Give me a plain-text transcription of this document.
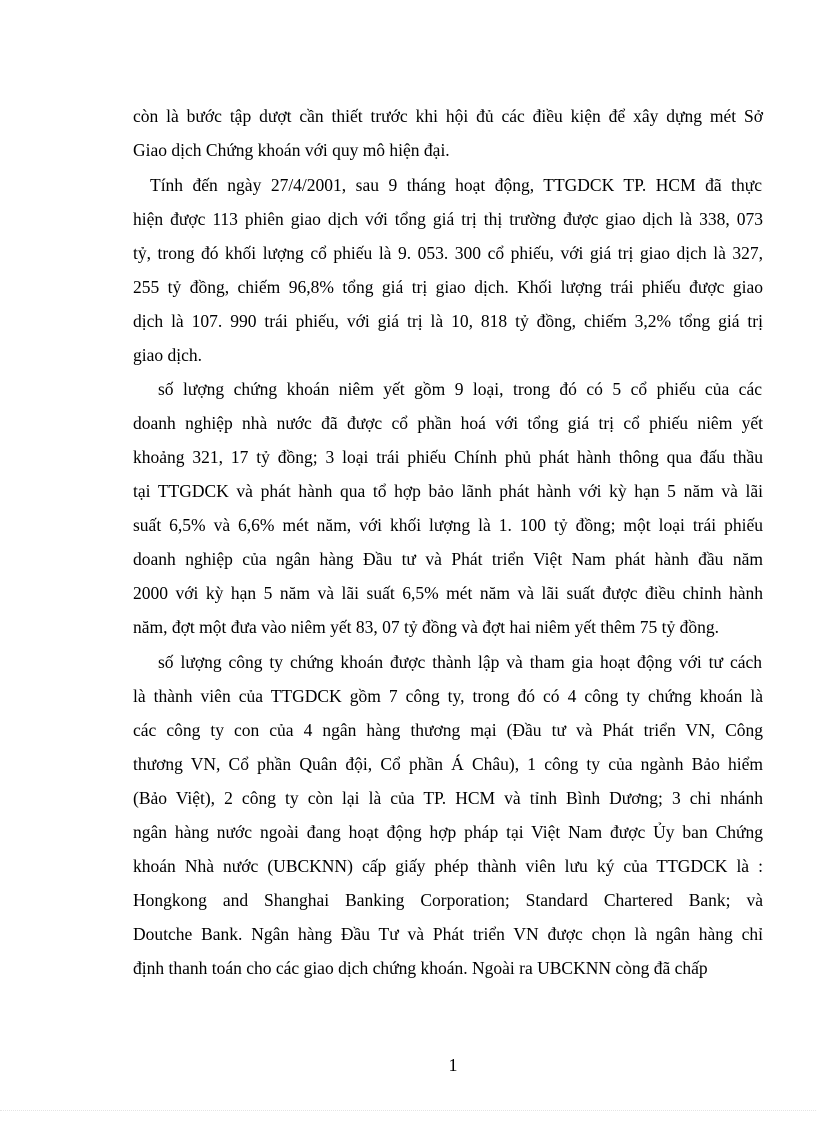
còn là bước tập dượt cần thiết trước khi hội đủ các điều kiện để xây dựng mét Sở
Giao dịch Chứng khoán với quy mô hiện đại.
Tính đến ngày 27/4/2001, sau 9 tháng hoạt động, TTGDCK TP. HCM đã thực
hiện được 113 phiên giao dịch với tổng giá trị thị trường được giao dịch là 338, 073
tỷ, trong đó khối lượng cổ phiếu là 9. 053. 300 cổ phiếu, với giá trị giao dịch là 327,
255 tỷ đồng, chiếm 96,8% tổng giá trị giao dịch. Khối lượng trái phiếu được giao
dịch là 107. 990 trái phiếu, với giá trị là 10, 818 tỷ đồng, chiếm 3,2% tổng giá trị
giao dịch.
số lượng chứng khoán niêm yết gồm 9 loại, trong đó có 5 cổ phiếu của các
doanh nghiệp nhà nước đã được cổ phần hoá với tổng giá trị cổ phiếu niêm yết
khoảng 321, 17 tỷ đồng; 3 loại trái phiếu Chính phủ phát hành thông qua đấu thầu
tại TTGDCK và phát hành qua tổ hợp bảo lãnh phát hành với kỳ hạn 5 năm và lãi
suất 6,5% và 6,6% mét năm, với khối lượng là 1. 100 tỷ đồng; một loại trái phiếu
doanh nghiệp của ngân hàng Đầu tư và Phát triển Việt Nam phát hành đầu năm
2000 với kỳ hạn 5 năm và lãi suất 6,5% mét năm và lãi suất được điều chỉnh hành
năm, đợt một đưa vào niêm yết 83, 07 tỷ đồng và đợt hai niêm yết thêm 75 tỷ đồng.
số lượng công ty chứng khoán được thành lập và tham gia hoạt động với tư cách
là thành viên của TTGDCK gồm 7 công ty, trong đó có 4 công ty chứng khoán là
các công ty con của 4 ngân hàng thương mại (Đầu tư và Phát triển VN, Công
thương VN, Cổ phần Quân đội, Cổ phần Á Châu), 1 công ty của ngành Bảo hiểm
(Bảo Việt), 2 công ty còn lại là của TP. HCM và tỉnh Bình Dương; 3 chi nhánh
ngân hàng nước ngoài đang hoạt động hợp pháp tại Việt Nam được Ủy ban Chứng
khoán Nhà nước (UBCKNN) cấp giấy phép thành viên lưu ký của TTGDCK là :
Hongkong and Shanghai Banking Corporation; Standard Chartered Bank; và
Doutche Bank. Ngân hàng Đầu Tư và Phát triển VN được chọn là ngân hàng chỉ
định thanh toán cho các giao dịch chứng khoán. Ngoài ra UBCKNN còng đã chấp
1
